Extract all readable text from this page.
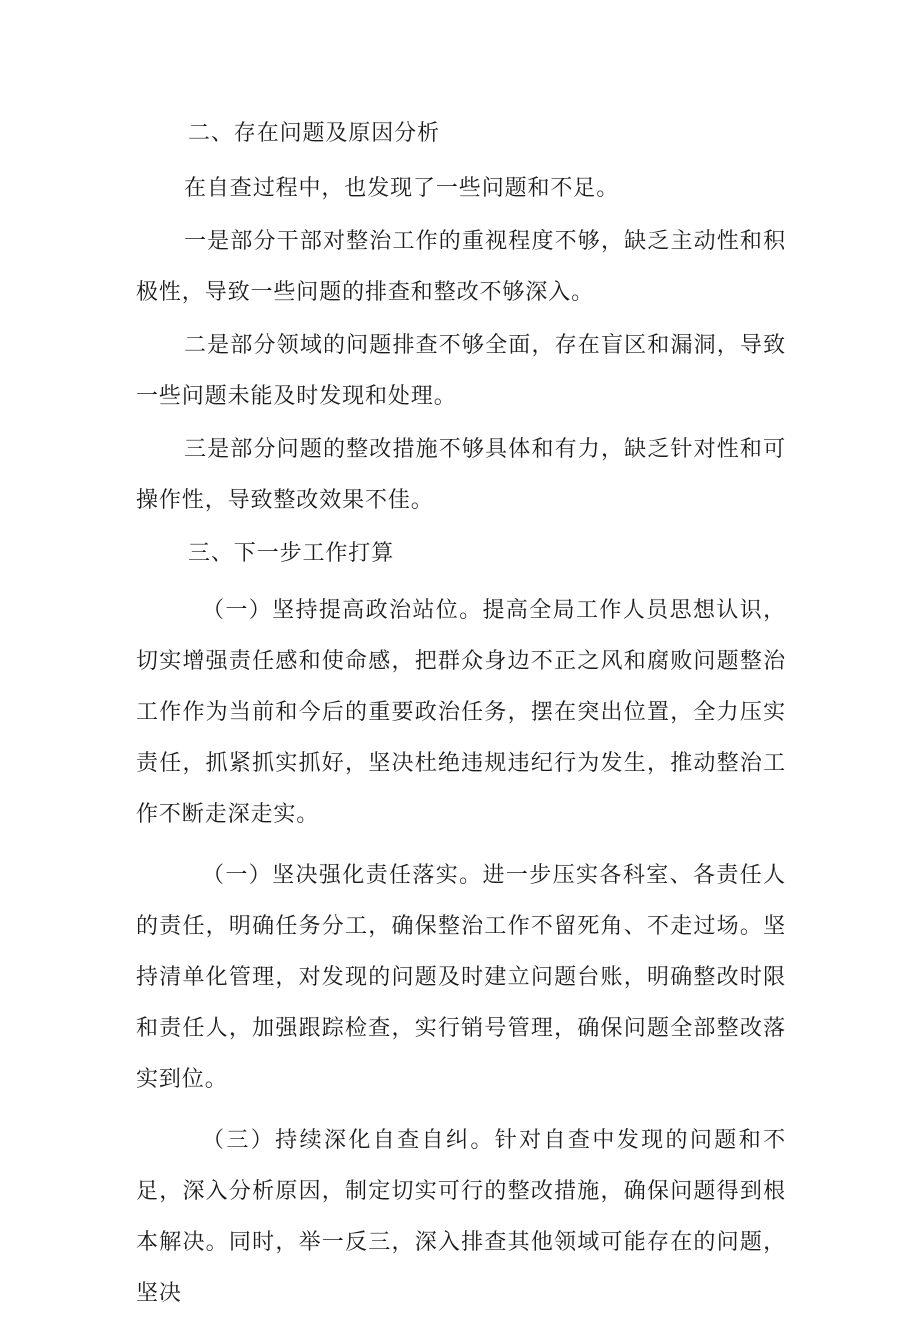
二、存在问题及原因分析

在自查过程中，也发现了一些问题和不足。

一是部分干部对整治工作的重视程度不够，缺乏主动性和积极性，导致一些问题的排查和整改不够深入。

二是部分领域的问题排查不够全面，存在盲区和漏洞，导致一些问题未能及时发现和处理。

三是部分问题的整改措施不够具体和有力，缺乏针对性和可操作性，导致整改效果不佳。

三、下一步工作打算

（一）坚持提高政治站位。提高全局工作人员思想认识，切实增强责任感和使命感，把群众身边不正之风和腐败问题整治工作作为当前和今后的重要政治任务，摆在突出位置，全力压实责任，抓紧抓实抓好，坚决杜绝违规违纪行为发生，推动整治工作不断走深走实。

（一）坚决强化责任落实。进一步压实各科室、各责任人的责任，明确任务分工，确保整治工作不留死角、不走过场。坚持清单化管理，对发现的问题及时建立问题台账，明确整改时限和责任人，加强跟踪检查，实行销号管理，确保问题全部整改落实到位。

（三）持续深化自查自纠。针对自查中发现的问题和不足，深入分析原因，制定切实可行的整改措施，确保问题得到根本解决。同时，举一反三，深入排查其他领域可能存在的问题，坚决
